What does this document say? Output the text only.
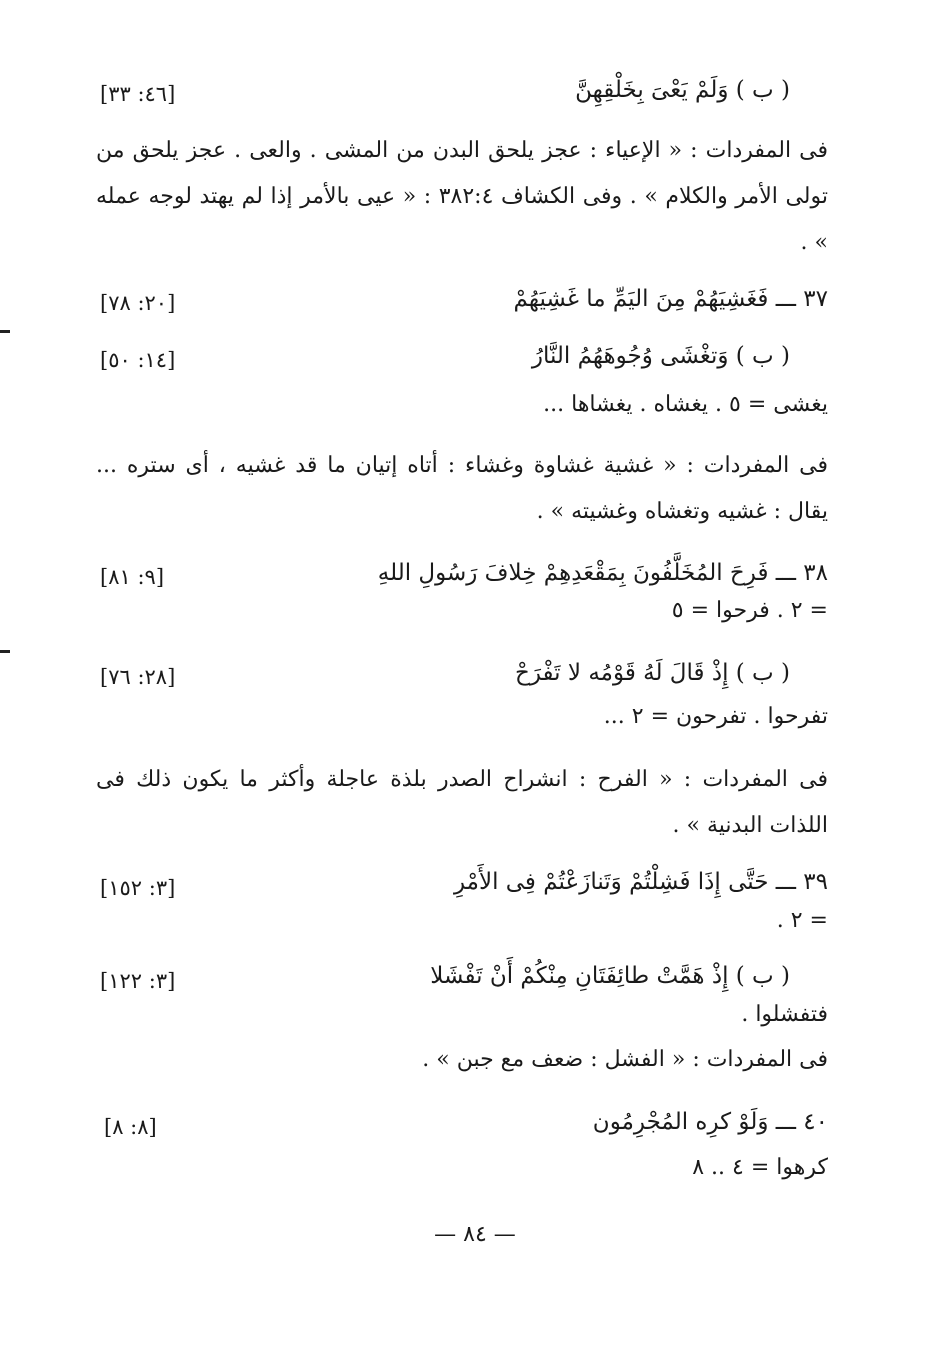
[٤٦: ٣٣]	( ب ) وَلَمْ يَعْىَ بِخَلْقِهِنَّ
فى المفردات : « الإعياء : عجز يلحق البدن من المشى . والعى . عجز يلحق من تولى الأمر والكلام » . وفى الكشاف ٣٨٢:٤ : « عيى بالأمر إذا لم يهتد لوجه عمله » .
[٢٠: ٧٨]	٣٧ ـــ فَغَشِيَهُمْ مِنَ اليَمِّ ما غَشِيَهُمْ
[١٤: ٥٠]	( ب ) وَتغْشَى وُجُوهَهُمُ النَّارُ
يغشى = ٥ . يغشاه . يغشاها ...
فى المفردات : « غشية غشاوة وغشاء : أتاه إتيان ما قد غشيه ، أى ستره ... يقال : غشيه وتغشاه وغشيته » .
[٩: ٨١]	٣٨ ـــ فَرِحَ المُخَلَّفُونَ بِمَقْعَدِهِمْ خِلافَ رَسُولِ اللهِ
= ٢ . فرحوا = ٥
[٢٨: ٧٦]	( ب ) إِذْ قَالَ لَهُ قَوْمُه لا تَفْرَحْ
تفرحوا . تفرحون = ٢ ...
فى المفردات : « الفرح : انشراح الصدر بلذة عاجلة وأكثر ما يكون ذلك فى اللذات البدنية » .
[٣: ١٥٢]	٣٩ ـــ حَتَّى إِذَا فَشِلْتُمْ وَتَنازَعْتُمْ فِى الأَمْرِ
= ٢ .
[٣: ١٢٢]	( ب ) إِذْ هَمَّتْ طائِفَتَانِ مِنْكُمْ أَنْ تَفْشَلا
فتفشلوا .
فى المفردات : « الفشل : ضعف مع جبن » .
[٨: ٨]	٤٠ ـــ وَلَوْ كرِه المُجْرِمُون
كرهوا = ٤ .. ٨
— ٨٤ —
